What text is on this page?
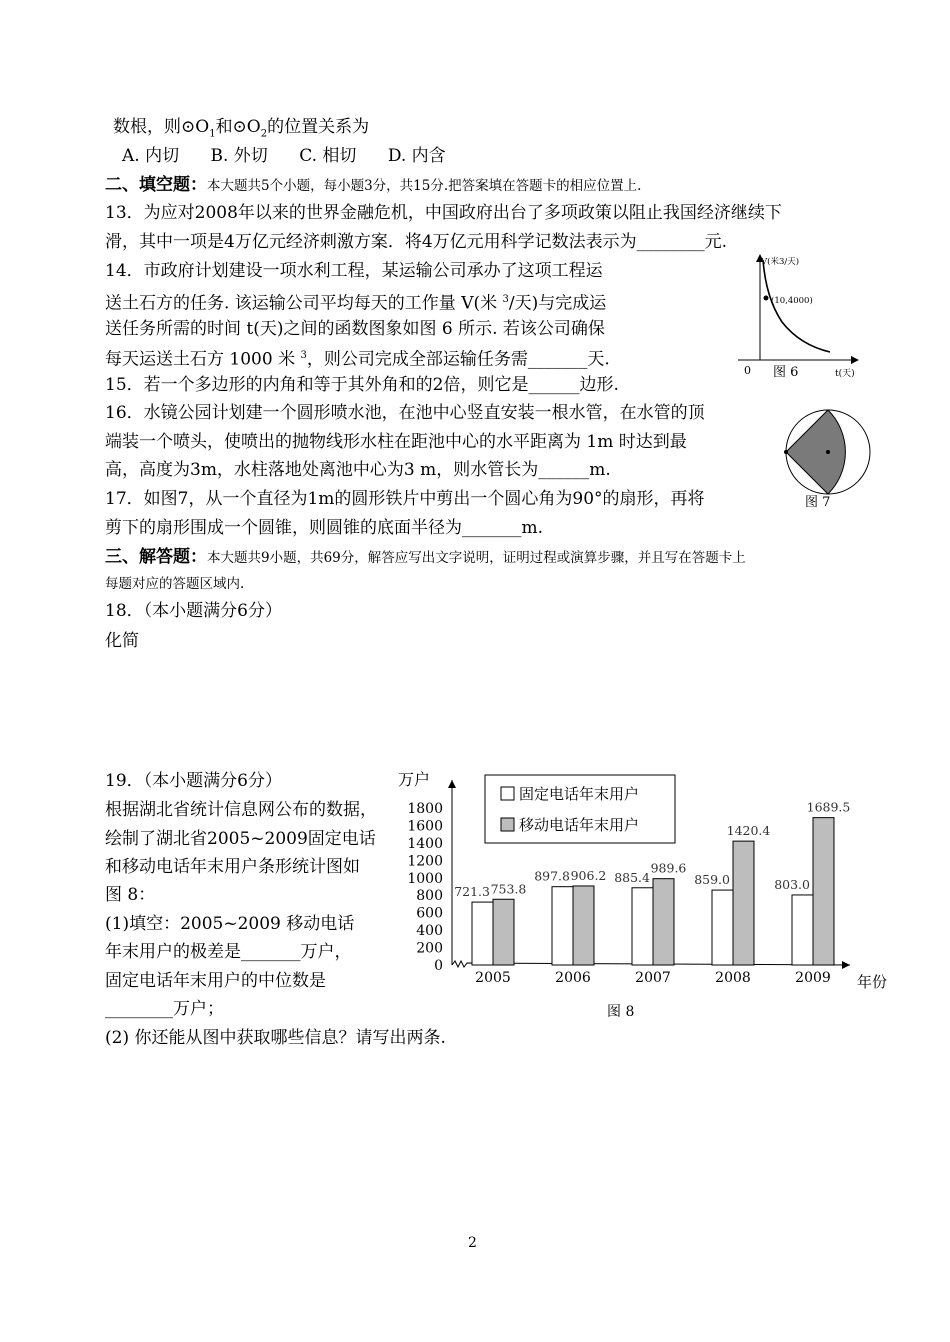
数根，则$⊙O_1$和$⊙O_2$的位置关系为
A. 内切 B. 外切 C. 相切 D. 内含
二、填空题：本大题共5个小题，每小题3分，共15分.把答案填在答题卡的相应位置上.
13．为应对2008年以来的世界金融危机，中国政府出台了多项政策以阻止我国经济继续下
滑，其中一项是4万亿元经济刺激方案．将4万亿元用科学记数法表示为________元.
14．市政府计划建设一项水利工程，某运输公司承办了这项工程运
送土石方的任务. 该运输公司平均每天的工作量 V(米 $^3$/天)与完成运
送任务所需的时间 t(天)之间的函数图象如图 6 所示. 若该公司确保
每天运送土石方 1000 米 $^3$，则公司完成全部运输任务需_______天.
V(米3/天)
(10,4000)
0 图 6	t(天)
15．若一个多边形的内角和等于其外角和的2倍，则它是______边形.
16．水镜公园计划建一个圆形喷水池，在池中心竖直安装一根水管，在水管的顶
端装一个喷头，使喷出的抛物线形水柱在距池中心的水平距离为 1m 时达到最
高，高度为3m，水柱落地处离池中心为3 m，则水管长为______m.
图 7
17．如图7，从一个直径为1m的圆形铁片中剪出一个圆心角为90°的扇形，再将
剪下的扇形围成一个圆锥，则圆锥的底面半径为_______m.
三、解答题：本大题共9小题，共69分，解答应写出文字说明，证明过程或演算步骤，并且写在答题卡上
每题对应的答题区域内.
18．（本小题满分6分）
化简
19．（本小题满分6分）
根据湖北省统计信息网公布的数据，
绘制了湖北省2005~2009固定电话
和移动电话年末用户条形统计图如
图 8：
(1)填空：2005~2009 移动电话
年末用户的极差是_______万户，
固定电话年末用户的中位数是
________万户；
(2) 你还能从图中获取哪些信息？请写出两条.
0
200
400
600
800
1000
1200
1400
1600
1800
721.3 753.8
897.8 906.2 885.4
989.6
859.0
1420.4
803.0
1689.5
2005	2006	2007	2008	2009
固定电话年末用户
移动电话年末用户
万户
年份
图 8
2
